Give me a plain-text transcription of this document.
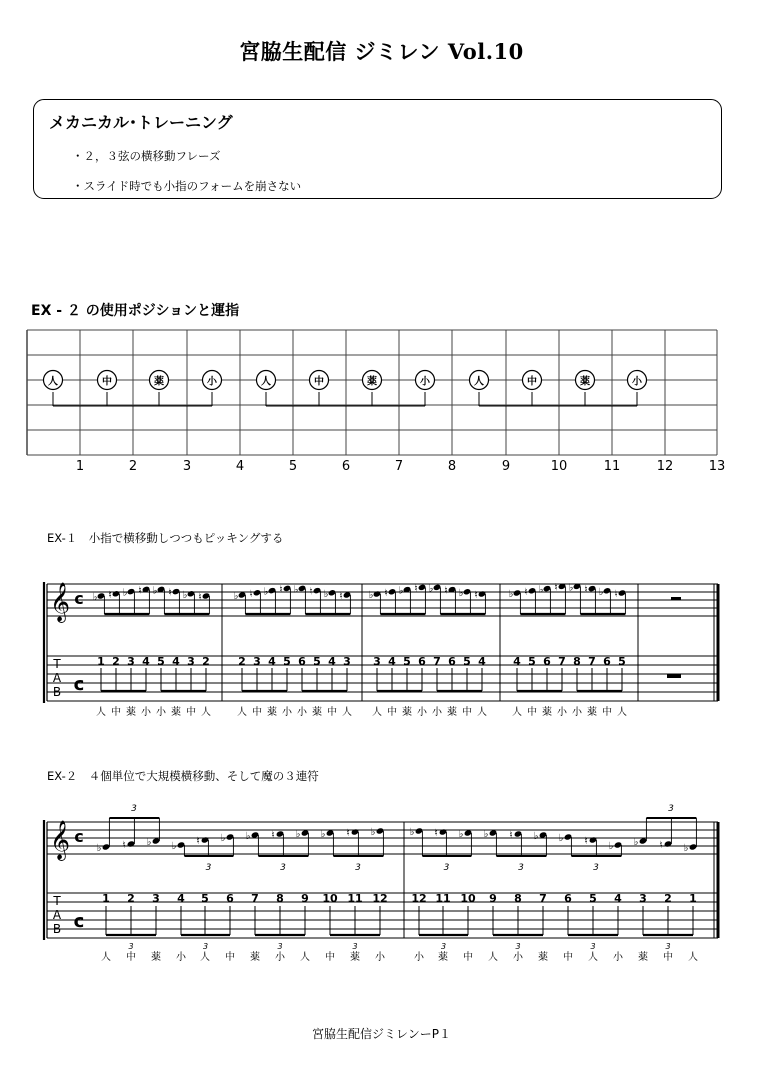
宮脇生配信 ジミレン Vol.10
メカニカル･トレーニング
・２，３弦の横移動フレーズ
・スライド時でも小指のフォームを崩さない
EX - ２ の使用ポジションと運指
EX-１　小指で横移動しつつもピッキングする
EX-２　４個単位で大規模横移動、そして魔の３連符
宮脇生配信ジミレンーP１
1	2	3	4	5	6	7	8	9	10	11	12	13
人	中	薬	小	人	中	薬	小	人	中	薬	小
𝄞 c
T
A
B c
1
♭
2
♮
3
♭
4
♮
5
♭
4
♮
3
♭
2
♮
人 中 薬 小 小 薬 中 人
2
♭
3
♮
4
♭
5
♮
6
♭
5
♮
4
♭
3
♮
人 中 薬 小 小 薬 中 人
3
♭
4
♮
5
♭
6
♮
7
♭
6
♮
5
♭
4
♮
人 中 薬 小 小 薬 中 人
4
♭
5
♮
6
♭
7
♮
8
♭
7
♮
6
♭
5
♮
人 中 薬 小 小 薬 中 人
𝄞 c
T
A
B c
1
♭
2
♮
3
♭
4
♭
5
♮
6
♭
7
♭
8
♮
9
♭
10
♭
11
♮
12
♭
3
3
3
3
3
3
3
3
人 中 薬 小 人 中 薬 小 人 中 薬 小
12
♭
11
♮
10
♭
9
♭
8
♮
7
♭
6
♭
5
♮
4
♭
3
♭
2
♮
1
♭
3
3
3
3
3
3
3
3
小 薬 中 人 小 薬 中 人 小 薬 中 人
